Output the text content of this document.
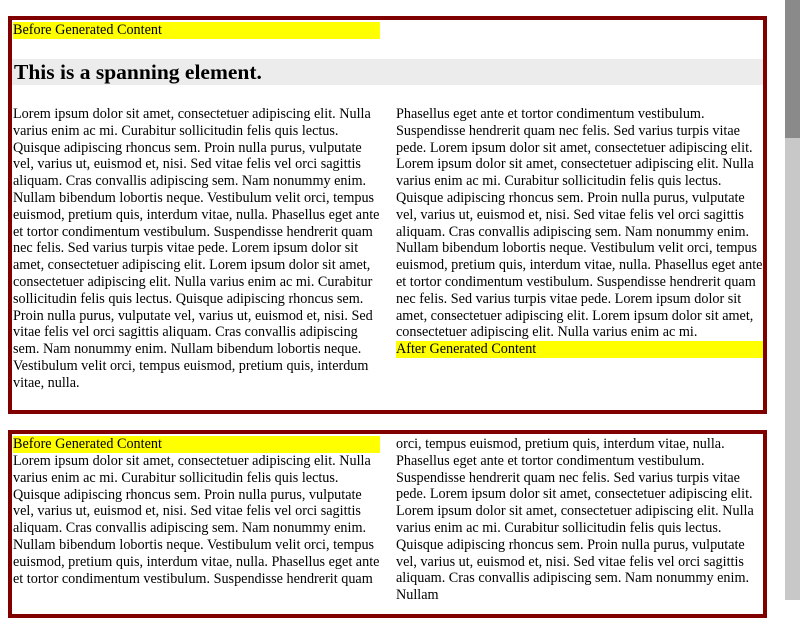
Before Generated Content
This is a spanning element.

Lorem ipsum dolor sit amet, consectetuer adipiscing elit. Nulla varius enim ac mi. Curabitur sollicitudin felis quis lectus. Quisque adipiscing rhoncus sem. Proin nulla purus, vulputate vel, varius ut, euismod et, nisi. Sed vitae felis vel orci sagittis aliquam. Cras convallis adipiscing sem. Nam nonummy enim. Nullam bibendum lobortis neque. Vestibulum velit orci, tempus euismod, pretium quis, interdum vitae, nulla. Phasellus eget ante et tortor condimentum vestibulum. Suspendisse hendrerit quam nec felis. Sed varius turpis vitae pede. Lorem ipsum dolor sit amet, consectetuer adipiscing elit. Lorem ipsum dolor sit amet, consectetuer adipiscing elit. Nulla varius enim ac mi. Curabitur sollicitudin felis quis lectus. Quisque adipiscing rhoncus sem. Proin nulla purus, vulputate vel, varius ut, euismod et, nisi. Sed vitae felis vel orci sagittis aliquam. Cras convallis adipiscing sem. Nam nonummy enim. Nullam bibendum lobortis neque. Vestibulum velit orci, tempus euismod, pretium quis, interdum vitae, nulla.

Phasellus eget ante et tortor condimentum vestibulum. Suspendisse hendrerit quam nec felis. Sed varius turpis vitae pede. Lorem ipsum dolor sit amet, consectetuer adipiscing elit. Lorem ipsum dolor sit amet, consectetuer adipiscing elit. Nulla varius enim ac mi. Curabitur sollicitudin felis quis lectus. Quisque adipiscing rhoncus sem. Proin nulla purus, vulputate vel, varius ut, euismod et, nisi. Sed vitae felis vel orci sagittis aliquam. Cras convallis adipiscing sem. Nam nonummy enim. Nullam bibendum lobortis neque. Vestibulum velit orci, tempus euismod, pretium quis, interdum vitae, nulla. Phasellus eget ante et tortor condimentum vestibulum. Suspendisse hendrerit quam nec felis. Sed varius turpis vitae pede. Lorem ipsum dolor sit amet, consectetuer adipiscing elit. Lorem ipsum dolor sit amet, consectetuer adipiscing elit. Nulla varius enim ac mi.

After Generated Content
Before Generated Content

Lorem ipsum dolor sit amet, consectetuer adipiscing elit. Nulla varius enim ac mi. Curabitur sollicitudin felis quis lectus. Quisque adipiscing rhoncus sem. Proin nulla purus, vulputate vel, varius ut, euismod et, nisi. Sed vitae felis vel orci sagittis aliquam. Cras convallis adipiscing sem. Nam nonummy enim. Nullam bibendum lobortis neque. Vestibulum velit orci, tempus euismod, pretium quis, interdum vitae, nulla. Phasellus eget ante et tortor condimentum vestibulum. Suspendisse hendrerit quam

orci, tempus euismod, pretium quis, interdum vitae, nulla. Phasellus eget ante et tortor condimentum vestibulum. Suspendisse hendrerit quam nec felis. Sed varius turpis vitae pede. Lorem ipsum dolor sit amet, consectetuer adipiscing elit. Lorem ipsum dolor sit amet, consectetuer adipiscing elit. Nulla varius enim ac mi. Curabitur sollicitudin felis quis lectus. Quisque adipiscing rhoncus sem. Proin nulla purus, vulputate vel, varius ut, euismod et, nisi. Sed vitae felis vel orci sagittis aliquam. Cras convallis adipiscing sem. Nam nonummy enim. Nullam
